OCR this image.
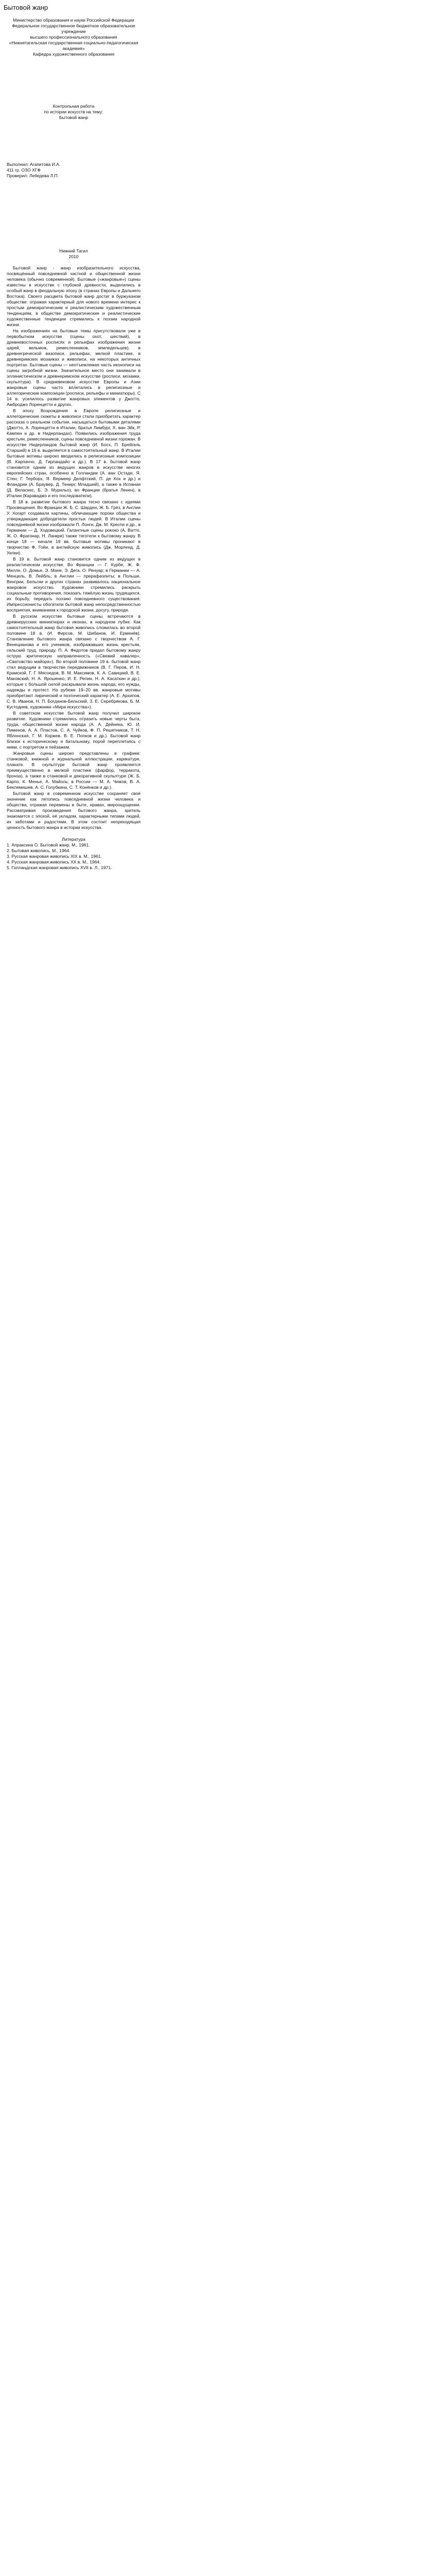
Бытовой жанр
Министерство образования и науки Российской Федерации
Федеральное государственное бюджетное образовательное учреждение
высшего профессионального образования
«Нижнетагильская государственная социально-педагогическая академия»
Кафедра художественного образования
Контрольная работа
по истории искусств на тему:
Бытовой жанр
Выполнил: Агапитова И.А.
411 гр. ОЗО ХГФ
Проверил: Лебедева Л.П.
Нижний Тагил
2010

Бытовой жанр - жанр изобразительного искусства, посвящённый повседневной частной и общественной жизни человека (обычно современной). Бытовые («жанровые») сцены известны в искусстве с глубокой древности, выделились в особый жанр в феодальную эпоху (в странах Европы и Дальнего Востока). Своего расцвета бытовой жанр достиг в буржуазном обществе: отражая характерный для нового времени интерес к простым демократическим и реалистическим художественным тенденциям, в обществе демократические и реалистические художественные тенденции стремились к поэзии народной жизни.

На изображениях на бытовые темы присутствовали уже в первобытном искусстве (сцены охот, шествий), в древневосточных росписях и рельефах изображения жизни царей, вельмож, ремесленников, земледельцев), в древнегреческой вазописи, рельефах, мелкой пластике, в древнеримских мозаиках и живописи, на некоторых античных портретах. Бытовые сцены — неотъемлемая часть иконописи на сцены загробной жизни. Значительное место они занимали в эллинистическом и древнеримском искусстве (росписи, мозаики, скульптура). В средневековом искусстве Европы и Азии жанровые сцены часто вплетались в религиозные и аллегорические композиции (росписи, рельефы и миниатюры). С 14 в. усилилось развитие жанровых элементов у Джотто, Амброджо Лоренцетти и других.

В эпоху Возрождения в Европе религиозные и аллегорические сюжеты в живописи стали приобретать характер рассказа о реальном событии, насыщаться бытовыми деталями (Джотто, А. Лоренцетти в Италии, братья Лимбург, Х. ван Эйк, Р. Кампен и др. в Нидерландах). Появились изображения труда крестьян, ремесленников, сцены повседневной жизни горожан. В искусстве Нидерландов бытовой жанр (И. Босх, П. Брейгель Старший) в 16 в. выделяется в самостоятельный жанр. В Италии бытовые мотивы широко вводились в религиозные композиции (В. Карпаччо, Д. Гирландайо и др.). В 17 в. бытовой жанр становится одним из ведущих жанров в искусстве многих европейских стран, особенно в Голландии (А. ван Остаде, Я. Стен, Г. Терборх, Я. Вермеер Делфтский, П. де Хох и др.) и Фландрии (А. Браувер, Д. Тенирс Младший), а также в Испании (Д. Веласкес, Б. Э. Мурильо), во Франции (братья Ленен), в Италии (Караваджо и его последователи).

В 18 в. развитие бытового жанра тесно связано с идеями Просвещения. Во Франции Ж. Б. С. Шарден, Ж. Б. Грёз, в Англии У. Хогарт создавали картины, обличающие пороки общества и утверждающие добродетели простых людей. В Италии сцены повседневной жизни изображали П. Лонги, Дж. М. Креспи и др., в Германии — Д. Ходовецкий. Галантные сцены рококо (А. Ватто, Ж. О. Фрагонар, Н. Ланкре) также тяготели к бытовому жанру. В конце 18 — начале 19 вв. бытовые мотивы проникают в творчество Ф. Гойи, в английскую живопись (Дж. Морленд, Д. Уилки).

В 19 в. бытовой жанр становится одним из ведущих в реалистическом искусстве. Во Франции — Г. Курбе, Ж. Ф. Милле, О. Домье, Э. Мане, Э. Дега, О. Ренуар; в Германии — А. Менцель, В. Лейбль; в Англии — прерафаэлиты; в Польше, Венгрии, Бельгии и других странах развивалось национальное жанровое искусство. Художники стремились раскрыть социальные противоречия, показать тяжёлую жизнь трудящихся, их борьбу, передать поэзию повседневного существования. Импрессионисты обогатили бытовой жанр непосредственностью восприятия, вниманием к городской жизни, досугу, природе.

В русском искусстве бытовые сцены встречаются в древнерусских миниатюрах и иконах, в народном лубке. Как самостоятельный жанр бытовая живопись сложилась во второй половине 18 в. (И. Фирсов, М. Шибанов, И. Ерменёв). Становление бытового жанра связано с творчеством А. Г. Венецианова и его учеников, изображавших жизнь крестьян, сельский труд, природу. П. А. Федотов придал бытовому жанру острую критическую направленность («Свежий кавалер», «Сватовство майора»). Во второй половине 19 в. бытовой жанр стал ведущим в творчестве передвижников (В. Г. Перов, И. Н. Крамской, Г. Г. Мясоедов, В. М. Максимов, К. А. Савицкий, В. Е. Маковский, Н. А. Ярошенко, И. Е. Репин, Н. А. Касаткин и др.), которые с большой силой раскрывали жизнь народа, его нужды, надежды и протест. На рубеже 19–20 вв. жанровые мотивы приобретают лирический и поэтический характер (А. Е. Архипов, С. В. Иванов, Н. П. Богданов-Бельский, З. Е. Серебрякова, Б. М. Кустодиев, художники «Мира искусства»).

В советском искусстве бытовой жанр получил широкое развитие. Художники стремились отразить новые черты быта, труда, общественной жизни народа (А. А. Дейнека, Ю. И. Пименов, А. А. Пластов, С. А. Чуйков, Ф. П. Решетников, Т. Н. Яблонская, Г. М. Коржев, В. Е. Попков и др.). Бытовой жанр близок к историческому и батальному, порой переплетаясь с ними, с портретом и пейзажем.

Жанровые сцены широко представлены в графике: станковой, книжной и журнальной иллюстрации, карикатуре, плакате. В скульптуре бытовой жанр проявляется преимущественно в мелкой пластике (фарфор, терракота, бронза), а также в станковой и декоративной скульптуре (Ж. Б. Карпо, К. Менье, А. Майоль; в России — М. А. Чижов, В. А. Беклемишев, А. С. Голубкина, С. Т. Конёнков и др.).

Бытовой жанр в современном искусстве сохраняет своё значение как летопись повседневной жизни человека и общества, отражая перемены в быте, нравах, мироощущении. Рассматривая произведения бытового жанра, зритель знакомится с эпохой, её укладом, характерными типами людей, их заботами и радостями. В этом состоит непреходящая ценность бытового жанра в истории искусства.

Литература
1. Апраксина О. Бытовой жанр. М., 1961.
2. Бытовая живопись. М., 1964.
3. Русская жанровая живопись XIX в. М., 1961.
4. Русская жанровая живопись ХХ в. М., 1964.
5. Голландская жанровая живопись XVII в. Л., 1971.
